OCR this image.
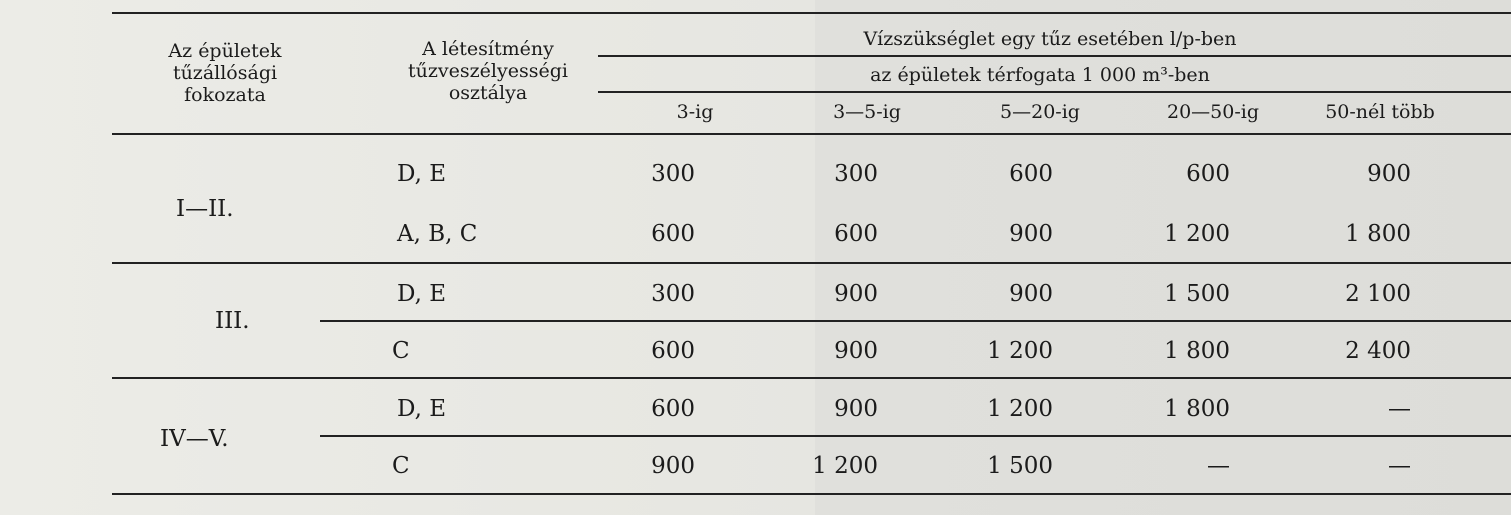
Az épületek
tűzállósági
fokozata
A létesítmény
tűzveszélyességi
osztálya
Vízszükséglet egy tűz esetében l/p-ben
az épületek térfogata 1 000 m³-ben
3-ig	3—5-ig	5—20-ig	20—50-ig	50-nél több
I—II.
D, E	300	300	600	600	900
A, B, C	600	600	900	1 200	1 800
III.
D, E	300	900	900	1 500	2 100
C	600	900	1 200	1 800	2 400
IV—V.
D, E	600	900	1 200	1 800	—
C	900	1 200	1 500	—	—
